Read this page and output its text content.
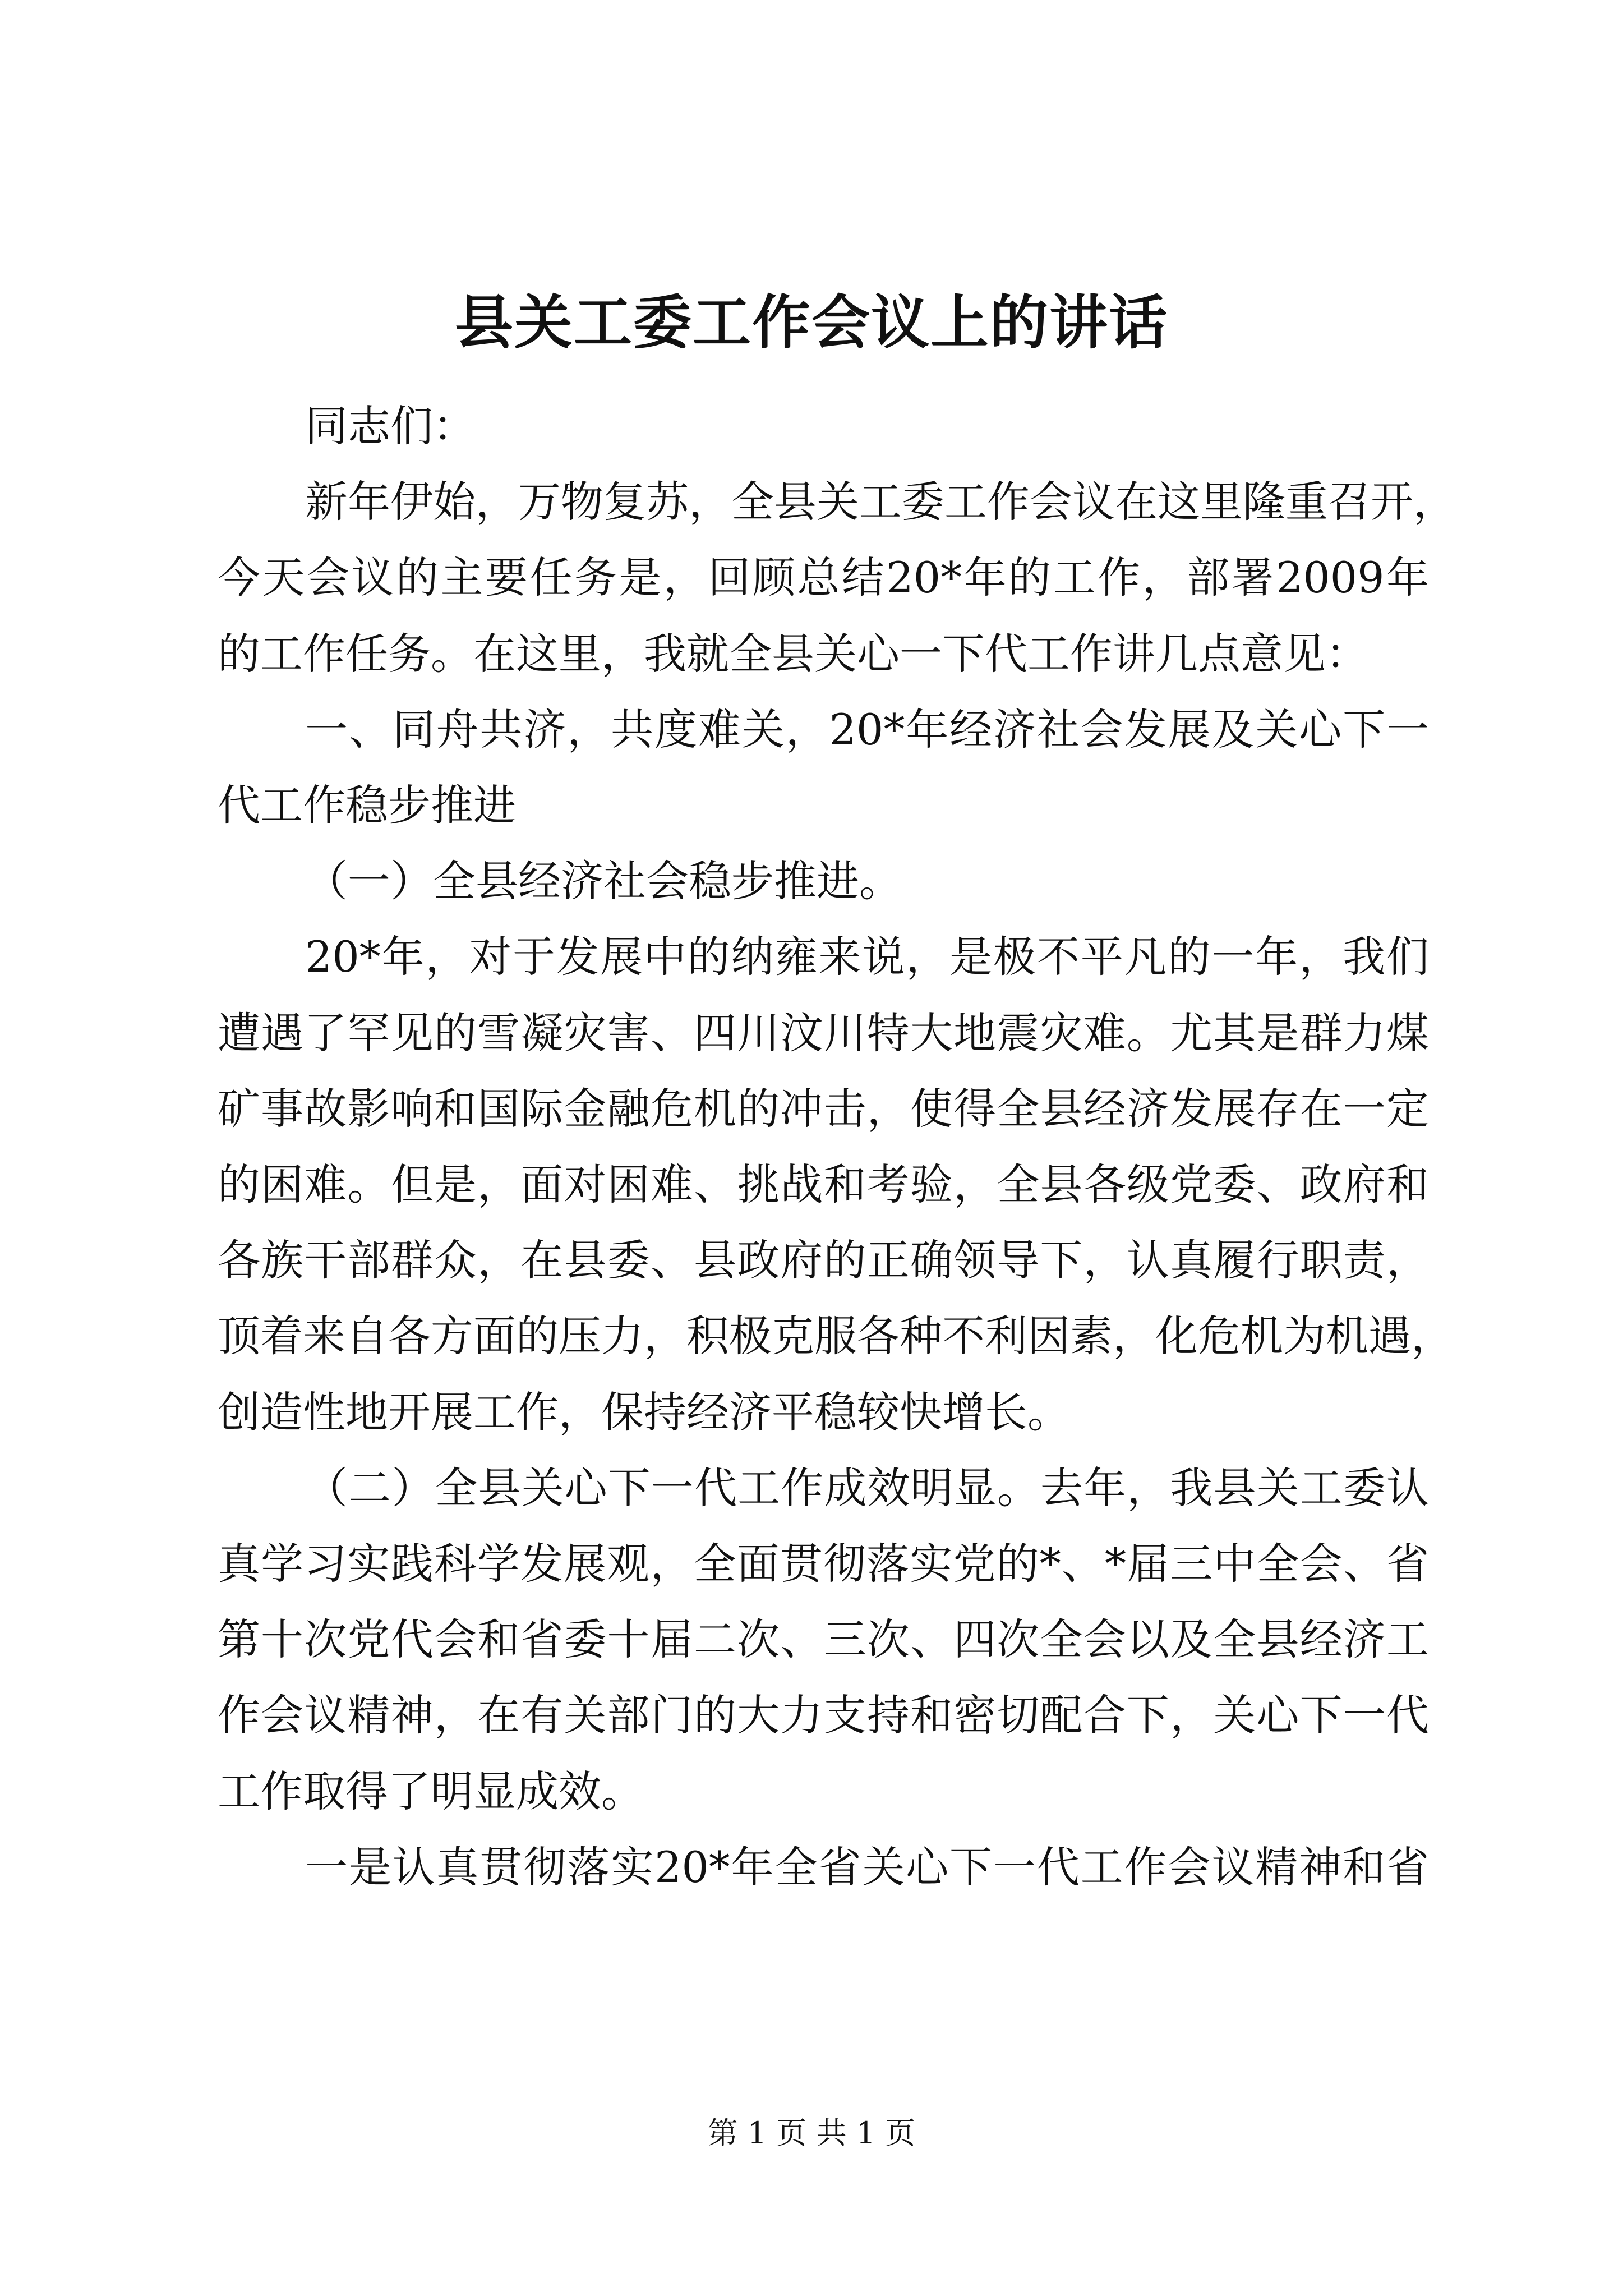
县关工委工作会议上的讲话
同志们：
新年伊始，万物复苏，全县关工委工作会议在这里隆重召开，
今天会议的主要任务是，回顾总结20*年的工作，部署2009年
的工作任务。在这里，我就全县关心一下代工作讲几点意见：
一、同舟共济，共度难关，20*年经济社会发展及关心下一
代工作稳步推进
（一）全县经济社会稳步推进。
20*年，对于发展中的纳雍来说，是极不平凡的一年，我们
遭遇了罕见的雪凝灾害、四川汶川特大地震灾难。尤其是群力煤
矿事故影响和国际金融危机的冲击，使得全县经济发展存在一定
的困难。但是，面对困难、挑战和考验，全县各级党委、政府和
各族干部群众，在县委、县政府的正确领导下，认真履行职责，
顶着来自各方面的压力，积极克服各种不利因素，化危机为机遇，
创造性地开展工作，保持经济平稳较快增长。
（二）全县关心下一代工作成效明显。去年，我县关工委认
真学习实践科学发展观，全面贯彻落实党的*、*届三中全会、省
第十次党代会和省委十届二次、三次、四次全会以及全县经济工
作会议精神，在有关部门的大力支持和密切配合下，关心下一代
工作取得了明显成效。
一是认真贯彻落实20*年全省关心下一代工作会议精神和省
第 1 页 共 1 页
